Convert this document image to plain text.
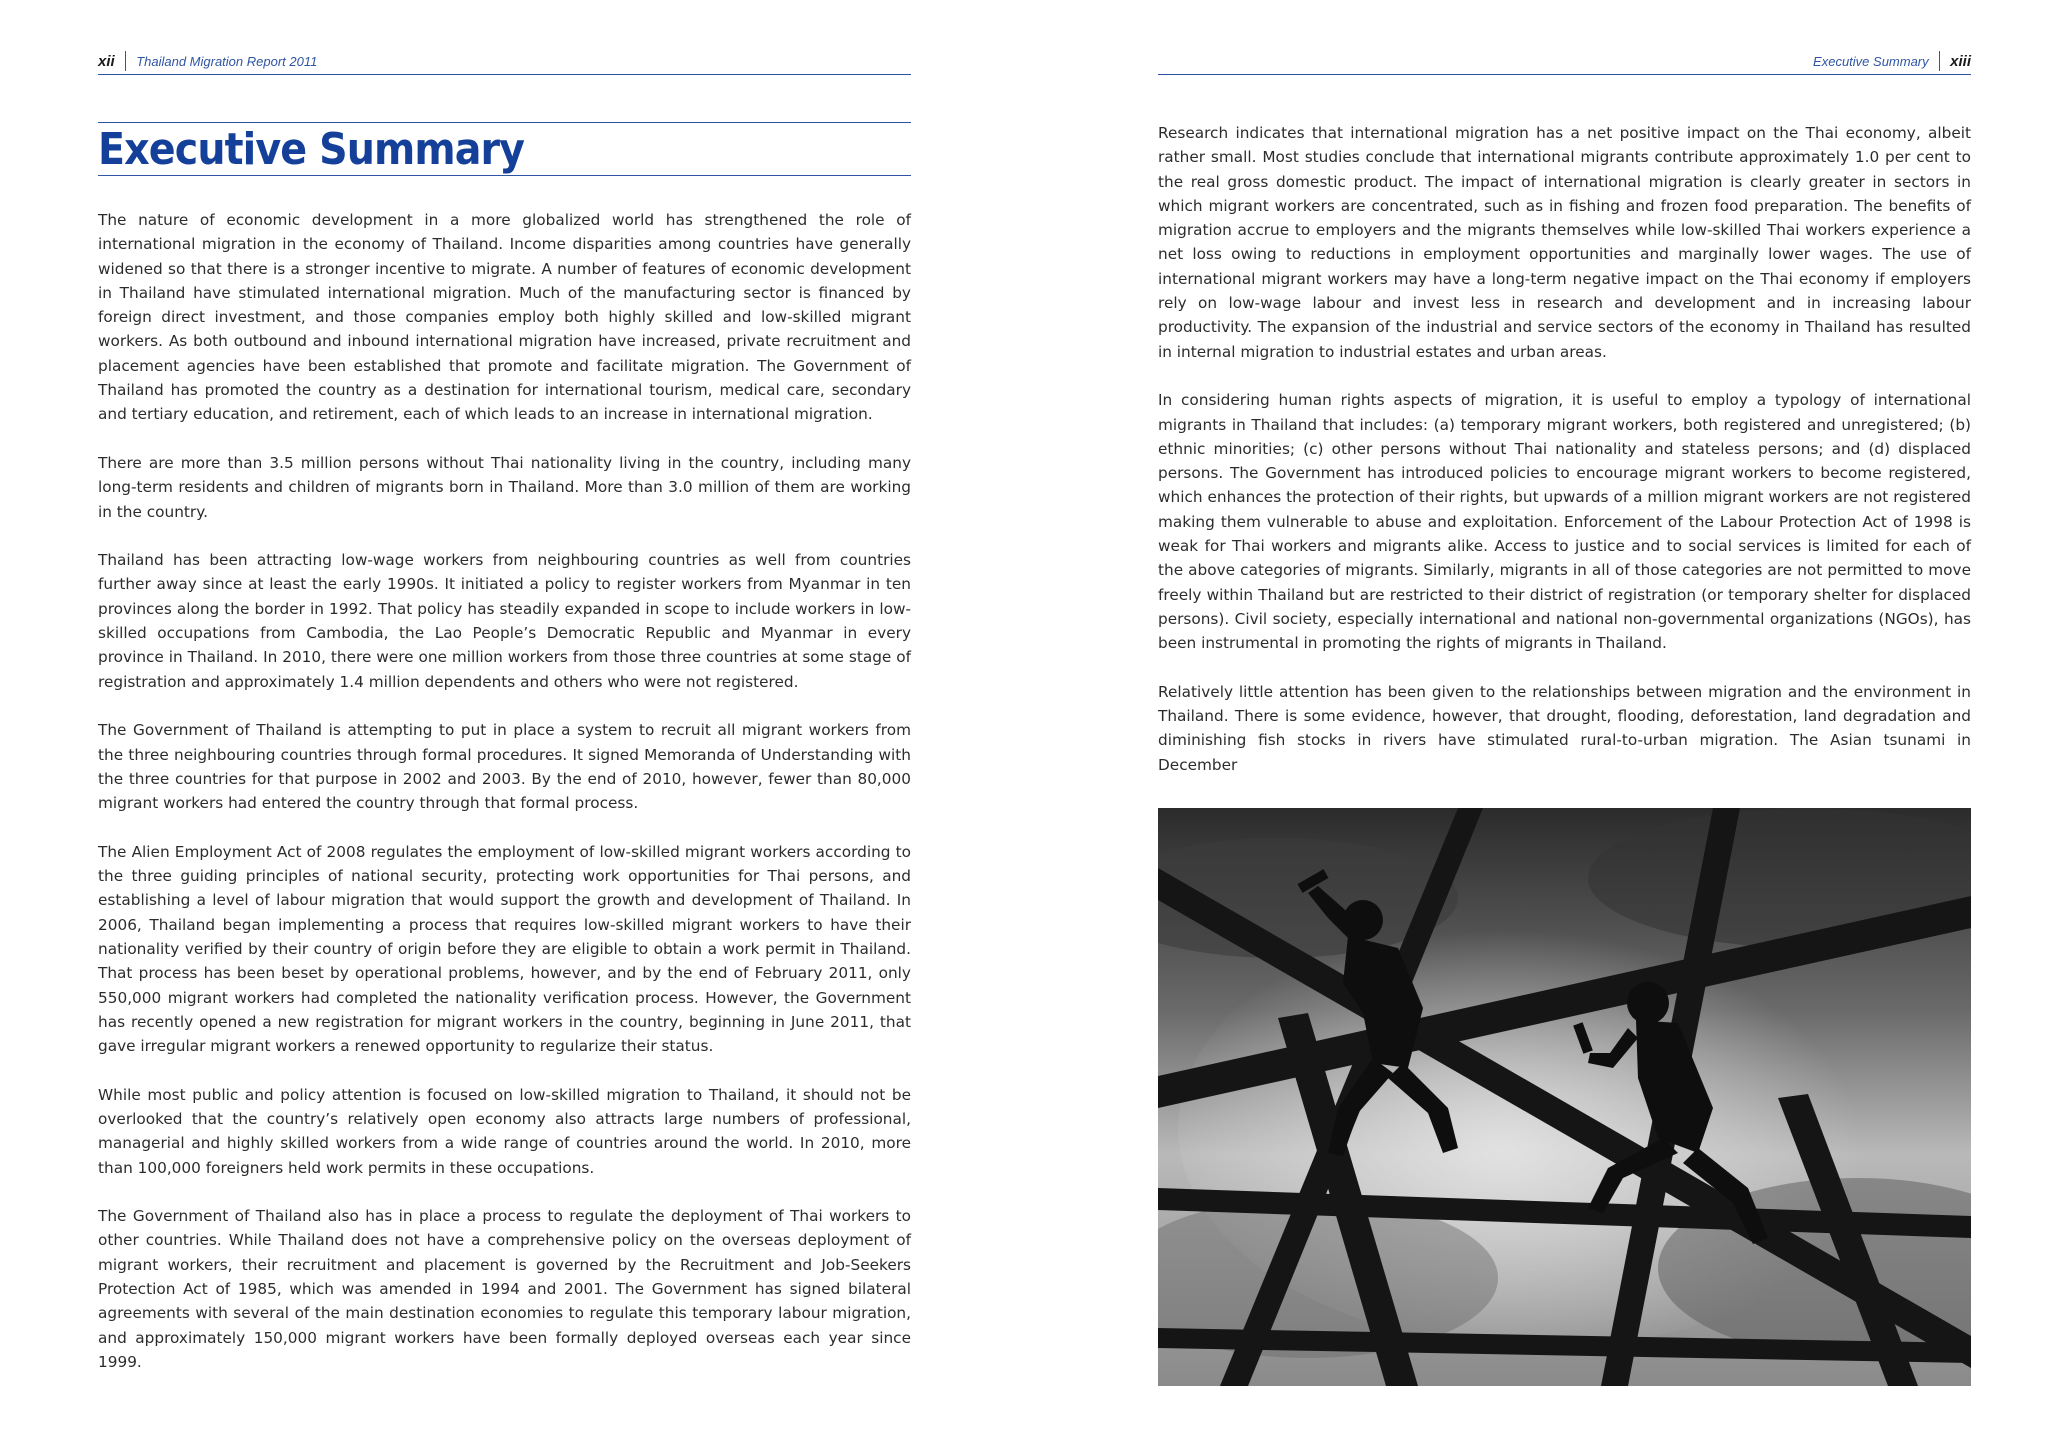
xii Thailand Migration Report 2011
Executive Summary

The nature of economic development in a more globalized world has strengthened the role of international migration in the economy of Thailand. Income disparities among countries have generally widened so that there is a stronger incentive to migrate. A number of features of economic development in Thailand have stimulated international migration. Much of the manufacturing sector is financed by foreign direct investment, and those companies employ both highly skilled and low-skilled migrant workers. As both outbound and inbound international migration have increased, private recruitment and placement agencies have been established that promote and facilitate migration. The Government of Thailand has promoted the country as a destination for international tourism, medical care, secondary and tertiary education, and retirement, each of which leads to an increase in international migration.

There are more than 3.5 million persons without Thai nationality living in the country, including many long-term residents and children of migrants born in Thailand. More than 3.0 million of them are working in the country.

Thailand has been attracting low-wage workers from neighbouring countries as well from countries further away since at least the early 1990s. It initiated a policy to register workers from Myanmar in ten provinces along the border in 1992. That policy has steadily expanded in scope to include workers in low-skilled occupations from Cambodia, the Lao People’s Democratic Republic and Myanmar in every province in Thailand. In 2010, there were one million workers from those three countries at some stage of registration and approximately 1.4 million dependents and others who were not registered.

The Government of Thailand is attempting to put in place a system to recruit all migrant workers from the three neighbouring countries through formal procedures. It signed Memoranda of Understanding with the three countries for that purpose in 2002 and 2003. By the end of 2010, however, fewer than 80,000 migrant workers had entered the country through that formal process.

The Alien Employment Act of 2008 regulates the employment of low-skilled migrant workers according to the three guiding principles of national security, protecting work opportunities for Thai persons, and establishing a level of labour migration that would support the growth and development of Thailand. In 2006, Thailand began implementing a process that requires low-skilled migrant workers to have their nationality verified by their country of origin before they are eligible to obtain a work permit in Thailand. That process has been beset by operational problems, however, and by the end of February 2011, only 550,000 migrant workers had completed the nationality verification process. However, the Government has recently opened a new registration for migrant workers in the country, beginning in June 2011, that gave irregular migrant workers a renewed opportunity to regularize their status.

While most public and policy attention is focused on low-skilled migration to Thailand, it should not be overlooked that the country’s relatively open economy also attracts large numbers of professional, managerial and highly skilled workers from a wide range of countries around the world. In 2010, more than 100,000 foreigners held work permits in these occupations.

The Government of Thailand also has in place a process to regulate the deployment of Thai workers to other countries. While Thailand does not have a comprehensive policy on the overseas deployment of migrant workers, their recruitment and placement is governed by the Recruitment and Job-Seekers Protection Act of 1985, which was amended in 1994 and 2001. The Government has signed bilateral agreements with several of the main destination economies to regulate this temporary labour migration, and approximately 150,000 migrant workers have been formally deployed overseas each year since 1999.

Executive Summary xiii

Research indicates that international migration has a net positive impact on the Thai economy, albeit rather small. Most studies conclude that international migrants contribute approximately 1.0 per cent to the real gross domestic product. The impact of international migration is clearly greater in sectors in which migrant workers are concentrated, such as in fishing and frozen food preparation. The benefits of migration accrue to employers and the migrants themselves while low-skilled Thai workers experience a net loss owing to reductions in employment opportunities and marginally lower wages. The use of international migrant workers may have a long-term negative impact on the Thai economy if employers rely on low-wage labour and invest less in research and development and in increasing labour productivity. The expansion of the industrial and service sectors of the economy in Thailand has resulted in internal migration to industrial estates and urban areas.

In considering human rights aspects of migration, it is useful to employ a typology of international migrants in Thailand that includes: (a) temporary migrant workers, both registered and unregistered; (b) ethnic minorities; (c) other persons without Thai nationality and stateless persons; and (d) displaced persons. The Government has introduced policies to encourage migrant workers to become registered, which enhances the protection of their rights, but upwards of a million migrant workers are not registered making them vulnerable to abuse and exploitation. Enforcement of the Labour Protection Act of 1998 is weak for Thai workers and migrants alike. Access to justice and to social services is limited for each of the above categories of migrants. Similarly, migrants in all of those categories are not permitted to move freely within Thailand but are restricted to their district of registration (or temporary shelter for displaced persons). Civil society, especially international and national non-governmental organizations (NGOs), has been instrumental in promoting the rights of migrants in Thailand.

Relatively little attention has been given to the relationships between migration and the environment in Thailand. There is some evidence, however, that drought, flooding, deforestation, land degradation and diminishing fish stocks in rivers have stimulated rural-to-urban migration. The Asian tsunami in December
